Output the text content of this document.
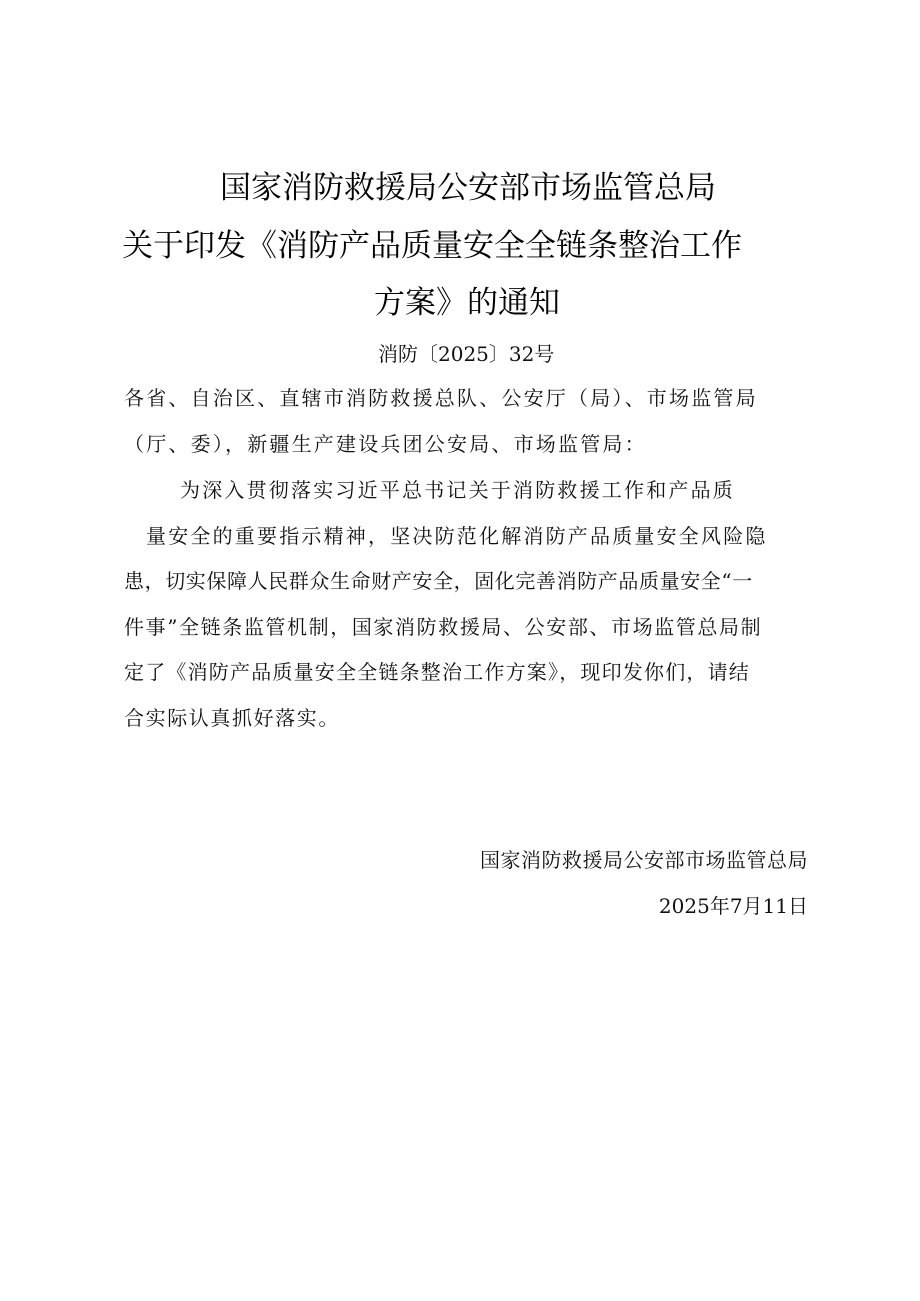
国家消防救援局公安部市场监管总局
关于印发《消防产品质量安全全链条整治工作
方案》的通知
消防〔2025〕32号
各省、自治区、直辖市消防救援总队、公安厅（局）、市场监管局
（厅、委），新疆生产建设兵团公安局、市场监管局：
为深入贯彻落实习近平总书记关于消防救援工作和产品质
量安全的重要指示精神，坚决防范化解消防产品质量安全风险隐
患，切实保障人民群众生命财产安全，固化完善消防产品质量安全“一
件事”全链条监管机制，国家消防救援局、公安部、市场监管总局制
定了《消防产品质量安全全链条整治工作方案》，现印发你们，请结
合实际认真抓好落实。
国家消防救援局公安部市场监管总局
2025年7月11日
